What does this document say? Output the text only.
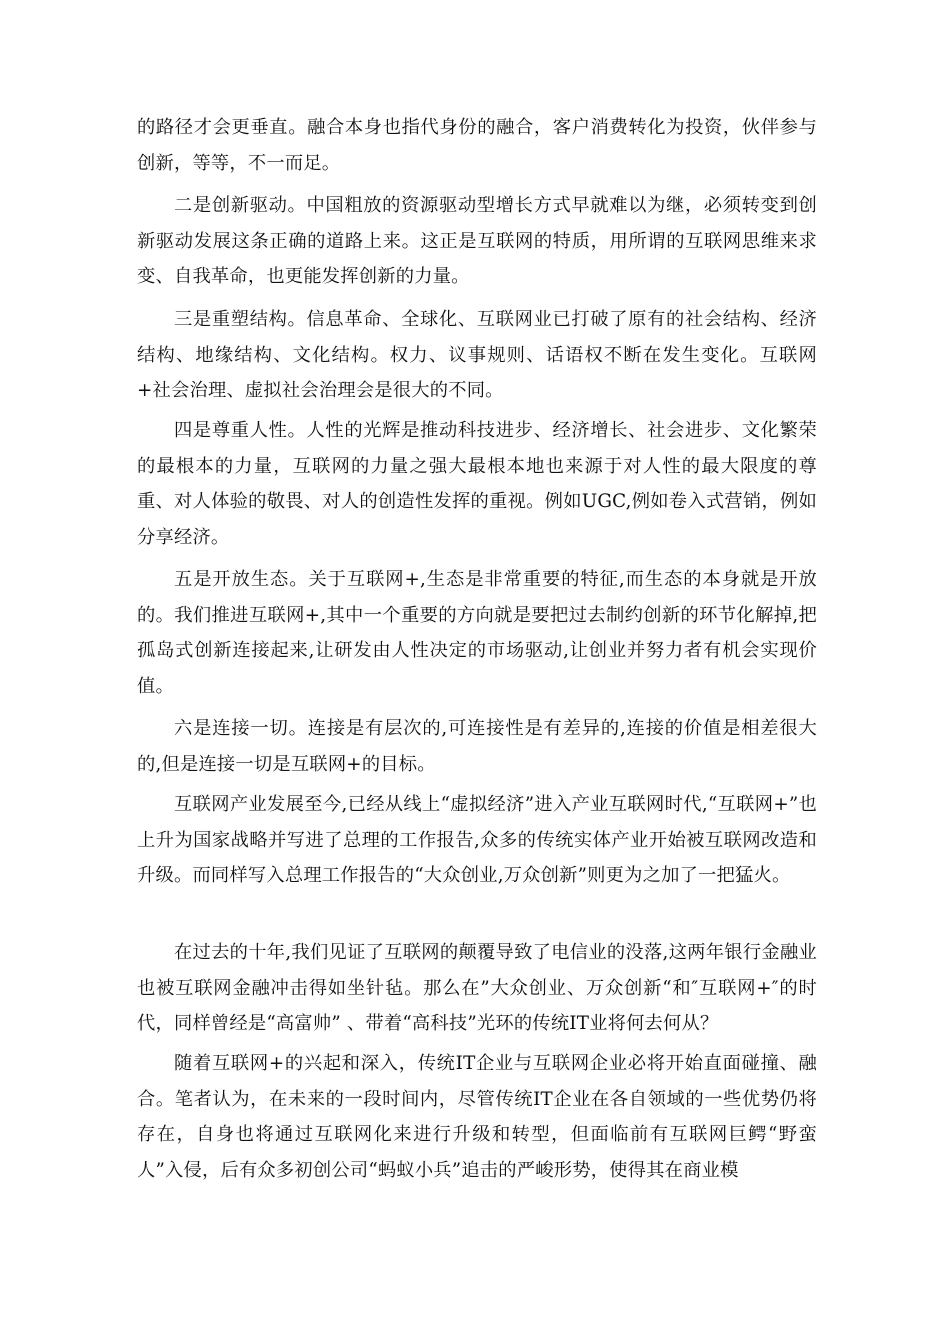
的路径才会更垂直。融合本身也指代身份的融合，客户消费转化为投资，伙伴参与创新，等等，不一而足。

二是创新驱动。中国粗放的资源驱动型增长方式早就难以为继，必须转变到创新驱动发展这条正确的道路上来。这正是互联网的特质，用所谓的互联网思维来求变、自我革命，也更能发挥创新的力量。

三是重塑结构。信息革命、全球化、互联网业已打破了原有的社会结构、经济结构、地缘结构、文化结构。权力、议事规则、话语权不断在发生变化。互联网+社会治理、虚拟社会治理会是很大的不同。

四是尊重人性。人性的光辉是推动科技进步、经济增长、社会进步、文化繁荣的最根本的力量，互联网的力量之强大最根本地也来源于对人性的最大限度的尊重、对人体验的敬畏、对人的创造性发挥的重视。例如UGC,例如卷入式营销，例如分享经济。

五是开放生态。关于互联网+,生态是非常重要的特征,而生态的本身就是开放的。我们推进互联网+,其中一个重要的方向就是要把过去制约创新的环节化解掉,把孤岛式创新连接起来,让研发由人性决定的市场驱动,让创业并努力者有机会实现价值。

六是连接一切。连接是有层次的,可连接性是有差异的,连接的价值是相差很大的,但是连接一切是互联网+的目标。

互联网产业发展至今,已经从线上“虚拟经济”进入产业互联网时代,“互联网+”也上升为国家战略并写进了总理的工作报告,众多的传统实体产业开始被互联网改造和升级。而同样写入总理工作报告的“大众创业,万众创新”则更为之加了一把猛火。

在过去的十年,我们见证了互联网的颠覆导致了电信业的没落,这两年银行金融业也被互联网金融冲击得如坐针毡。那么在”大众创业、万众创新“和″互联网+″的时代，同样曾经是“高富帅” 、带着“高科技”光环的传统IT业将何去何从？

随着互联网+的兴起和深入，传统IT企业与互联网企业必将开始直面碰撞、融合。笔者认为，在未来的一段时间内，尽管传统IT企业在各自领域的一些优势仍将存在，自身也将通过互联网化来进行升级和转型，但面临前有互联网巨鳄“野蛮人”入侵，后有众多初创公司“蚂蚁小兵”追击的严峻形势，使得其在商业模
